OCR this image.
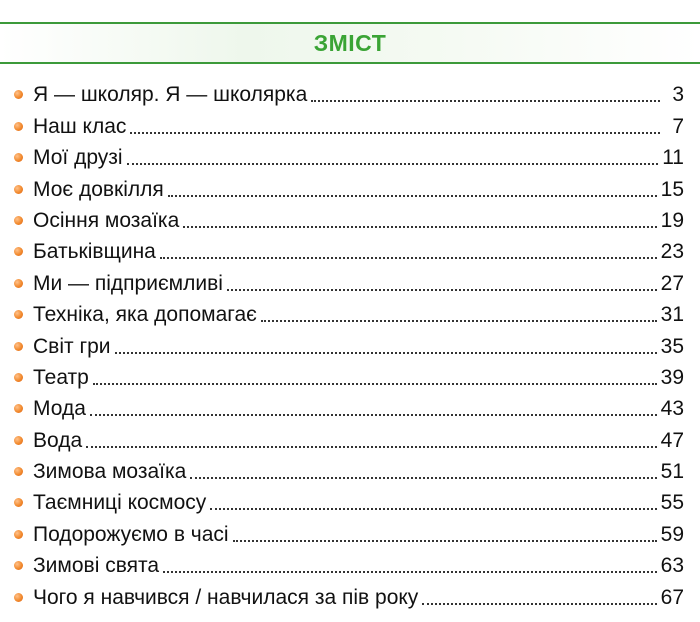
ЗМІСТ
Я — школяр. Я — школярка	3
Наш клас	7
Мої друзі	11
Моє довкілля	15
Осіння мозаїка	19
Батьківщина	23
Ми — підприємливі	27
Техніка, яка допомагає	31
Світ гри	35
Театр	39
Мода	43
Вода	47
Зимова мозаїка	51
Таємниці космосу	55
Подорожуємо в часі	59
Зимові свята	63
Чого я навчився / навчилася за пів року	67
